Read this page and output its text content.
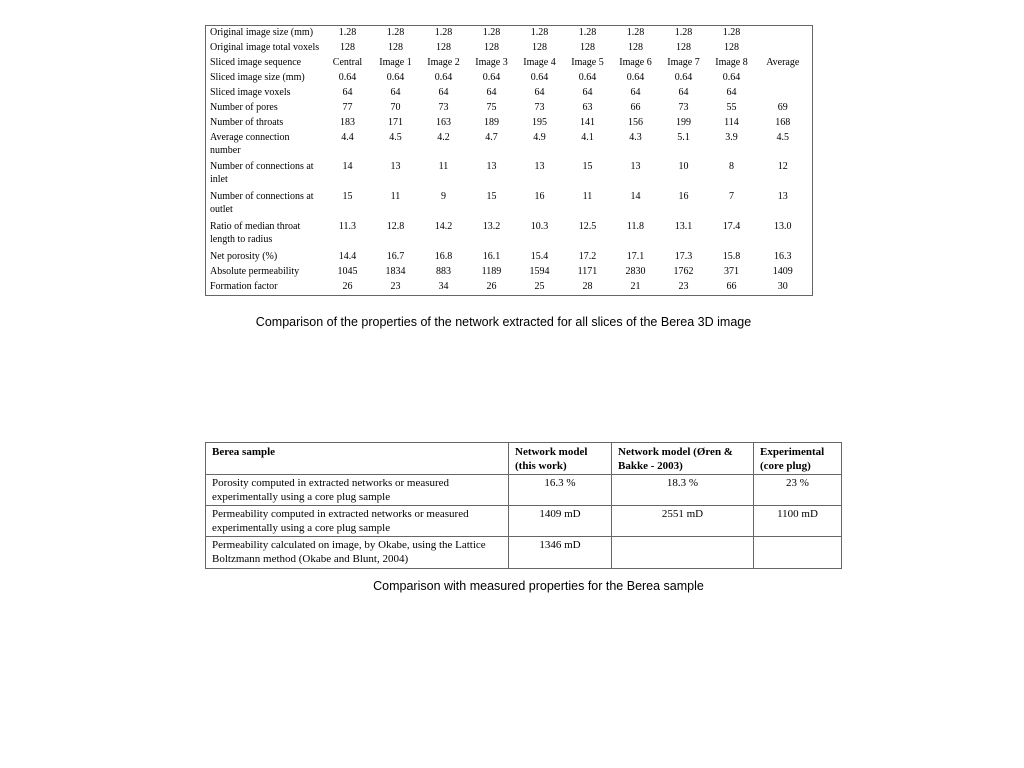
Original image size (mm)	1.28	1.28	1.28	1.28	1.28	1.28	1.28	1.28	1.28	
Original image total voxels	128	128	128	128	128	128	128	128	128	
Sliced image sequence	Central	Image 1	Image 2	Image 3	Image 4	Image 5	Image 6	Image 7	Image 8	Average
Sliced image size (mm)	0.64	0.64	0.64	0.64	0.64	0.64	0.64	0.64	0.64	
Sliced image voxels	64	64	64	64	64	64	64	64	64	
Number of pores	77	70	73	75	73	63	66	73	55	69
Number of throats	183	171	163	189	195	141	156	199	114	168
Average connection number	4.4	4.5	4.2	4.7	4.9	4.1	4.3	5.1	3.9	4.5
Number of connections at inlet	14	13	11	13	13	15	13	10	8	12
Number of connections at outlet	15	11	9	15	16	11	14	16	7	13
Ratio of median throat length to radius	11.3	12.8	14.2	13.2	10.3	12.5	11.8	13.1	17.4	13.0
Net porosity (%)	14.4	16.7	16.8	16.1	15.4	17.2	17.1	17.3	15.8	16.3
Absolute permeability	1045	1834	883	1189	1594	1171	2830	1762	371	1409
Formation factor	26	23	34	26	25	28	21	23	66	30
Comparison of the properties of the network extracted for all slices of the Berea 3D image
Berea sample	Network model (this work)	Network model (Øren & Bakke - 2003)	Experimental (core plug)
Porosity computed in extracted networks or measured experimentally using a core plug sample	16.3 %	18.3 %	23 %
Permeability computed in extracted networks or measured experimentally using a core plug sample	1409 mD	2551 mD	1100 mD
Permeability calculated on image, by Okabe, using the Lattice Boltzmann method (Okabe and Blunt, 2004)	1346 mD		
Comparison with measured properties for the Berea sample
